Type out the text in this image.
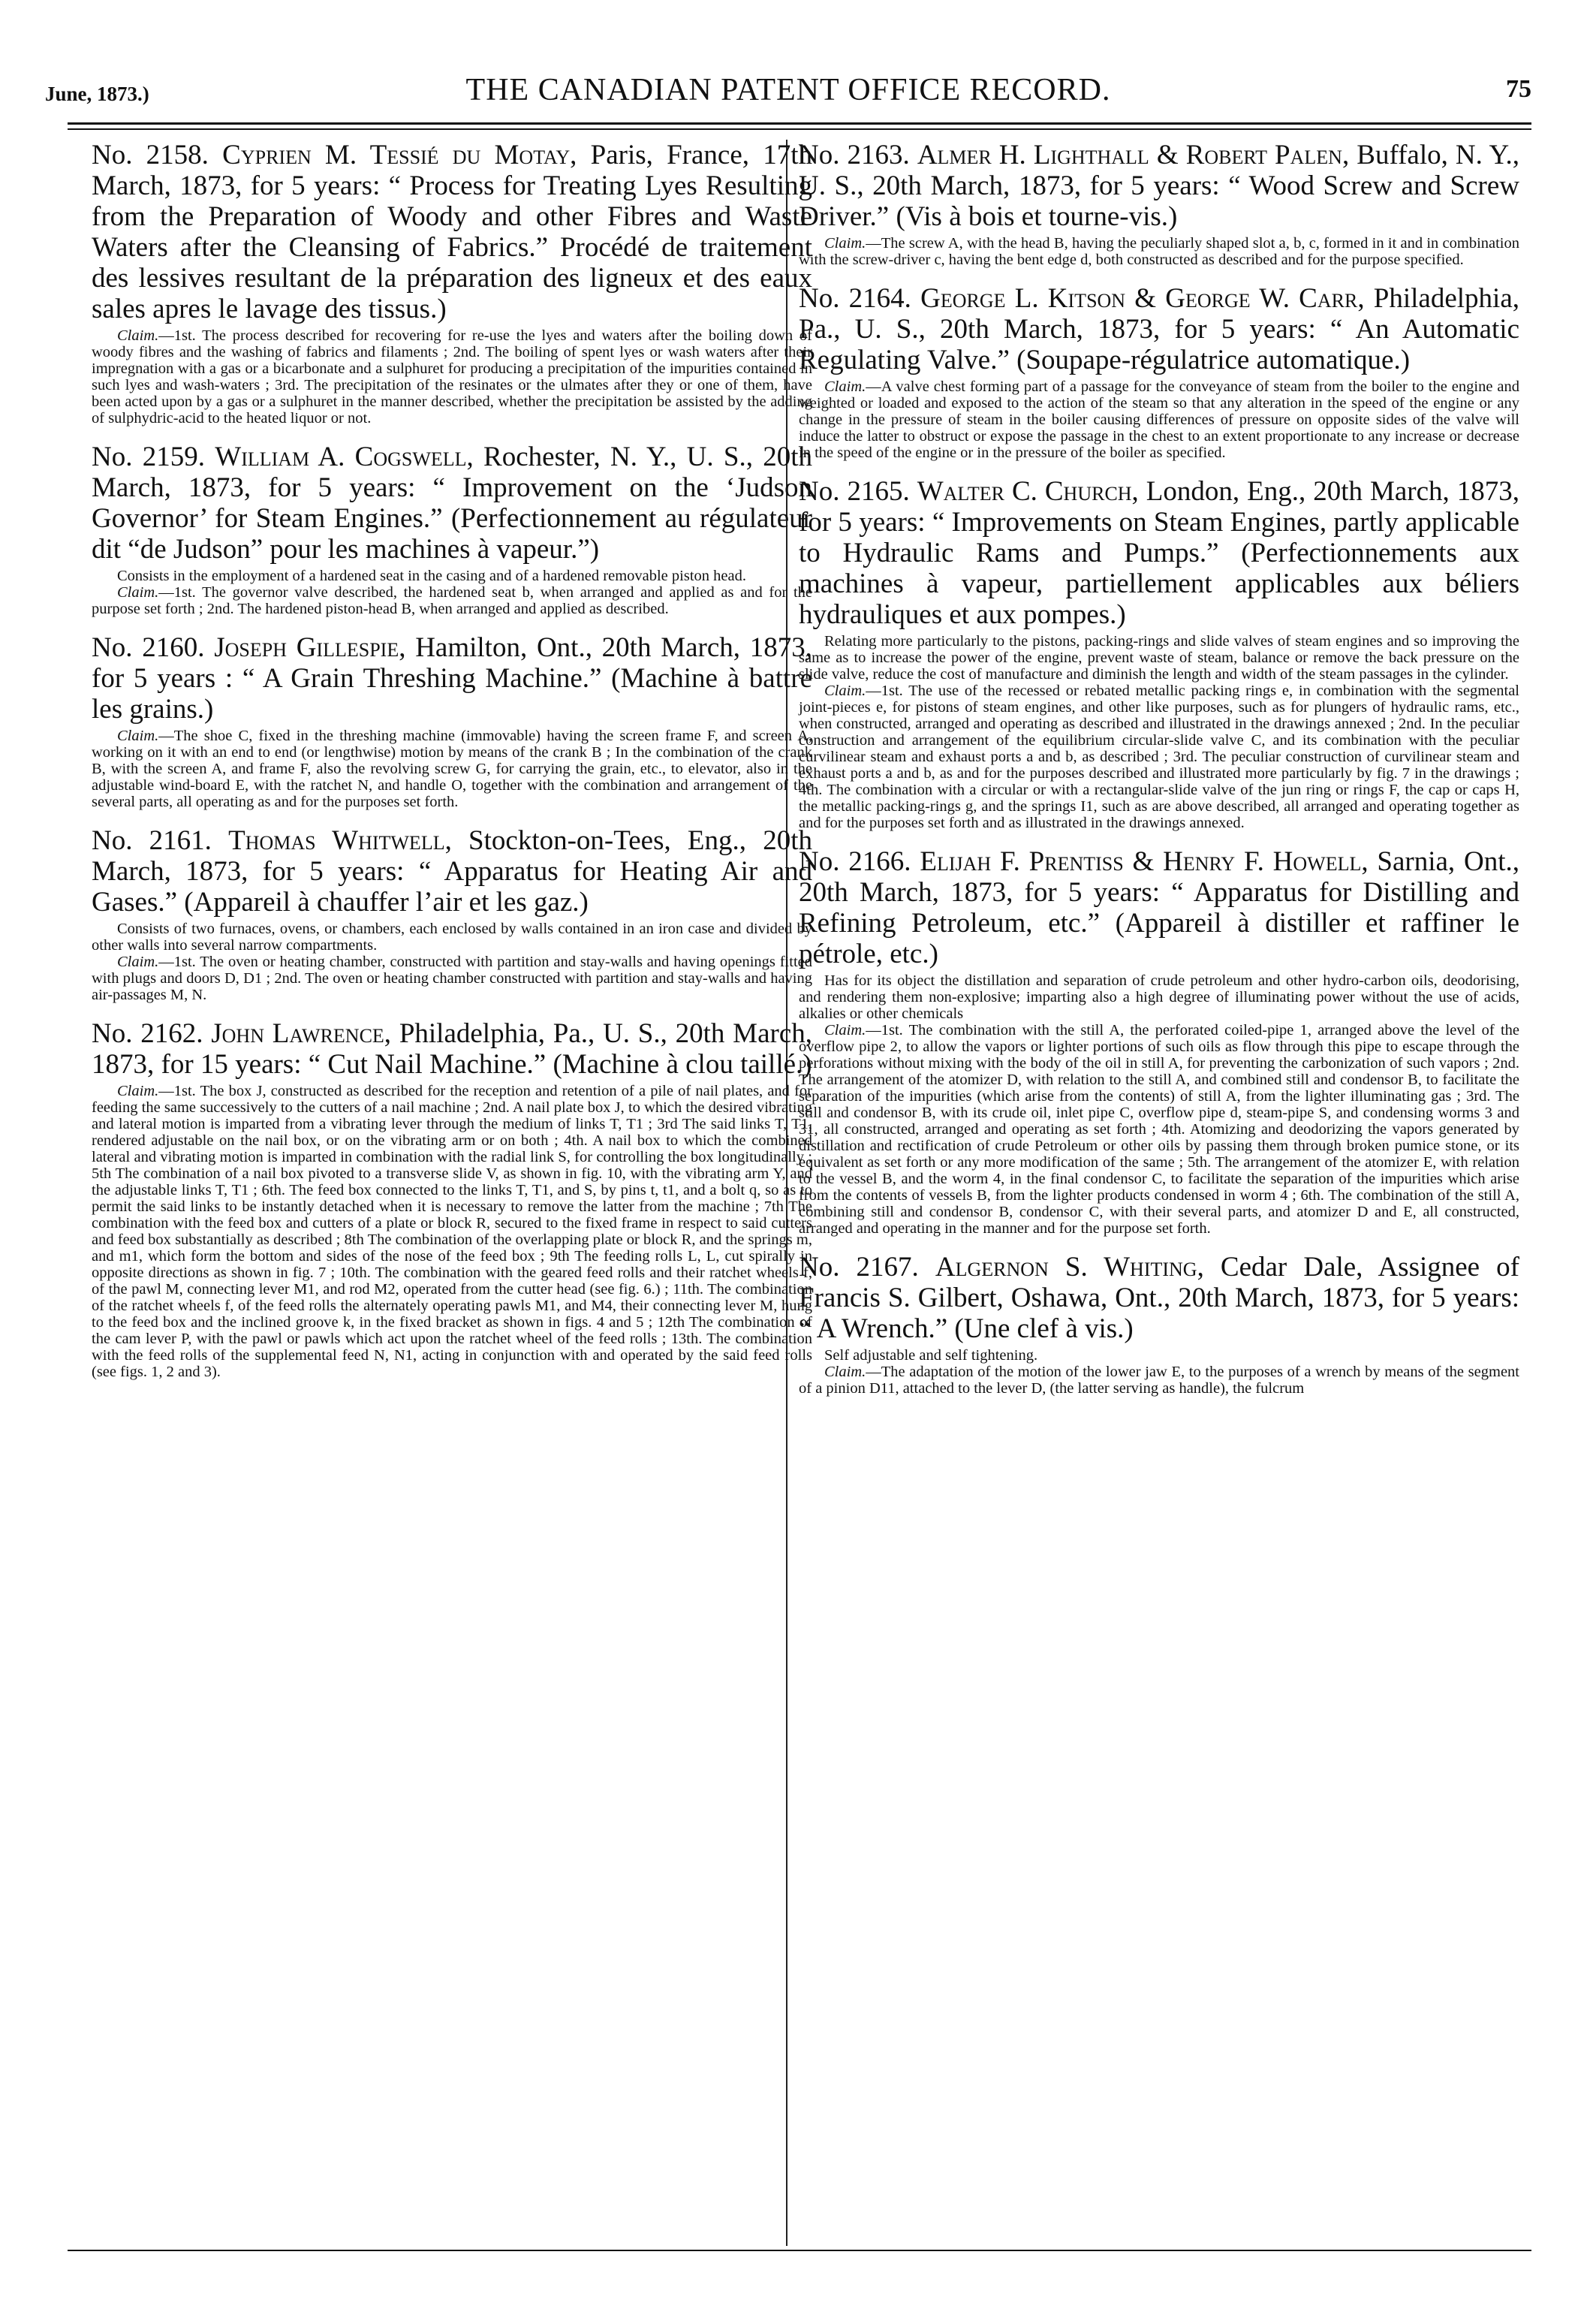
June, 1873.)	THE CANADIAN PATENT OFFICE RECORD.	75

No. 2158. Cyprien M. Tessié du Motay, Paris, France, 17th March, 1873, for 5 years: “ Process for Treating Lyes Resulting from the Preparation of Woody and other Fibres and Waste Waters after the Cleansing of Fabrics.” Procédé de traitement des lessives resultant de la préparation des ligneux et des eaux sales apres le lavage des tissus.)

Claim.—1st. The process described for recovering for re-use the lyes and waters after the boiling down of woody fibres and the washing of fabrics and filaments ; 2nd. The boiling of spent lyes or wash waters after their impregnation with a gas or a bicarbonate and a sulphuret for producing a precipitation of the impurities contained in such lyes and wash-waters ; 3rd. The precipitation of the resinates or the ulmates after they or one of them, have been acted upon by a gas or a sulphuret in the manner described, whether the precipitation be assisted by the adding of sulphydric-acid to the heated liquor or not.

No. 2159. William A. Cogswell, Rochester, N. Y., U. S., 20th March, 1873, for 5 years: “ Improvement on the ‘Judson Governor’ for Steam Engines.” (Perfectionnement au régulateur dit “de Judson” pour les machines à vapeur.”)

Consists in the employment of a hardened seat in the casing and of a hardened removable piston head.
Claim.—1st. The governor valve described, the hardened seat b, when arranged and applied as and for the purpose set forth ; 2nd. The hardened piston-head B, when arranged and applied as described.

No. 2160. Joseph Gillespie, Hamilton, Ont., 20th March, 1873, for 5 years : “ A Grain Threshing Machine.” (Machine à battre les grains.)

Claim.—The shoe C, fixed in the threshing machine (immovable) having the screen frame F, and screen A, working on it with an end to end (or lengthwise) motion by means of the crank B ; In the combination of the crank B, with the screen A, and frame F, also the revolving screw G, for carrying the grain, etc., to elevator, also in the adjustable wind-board E, with the ratchet N, and handle O, together with the combination and arrangement of the several parts, all operating as and for the purposes set forth.

No. 2161. Thomas Whitwell, Stockton-on-Tees, Eng., 20th March, 1873, for 5 years: “ Apparatus for Heating Air and Gases.” (Appareil à chauffer l’air et les gaz.)

Consists of two furnaces, ovens, or chambers, each enclosed by walls contained in an iron case and divided by other walls into several narrow compartments.
Claim.—1st. The oven or heating chamber, constructed with partition and stay-walls and having openings fitted with plugs and doors D, D1 ; 2nd. The oven or heating chamber constructed with partition and stay-walls and having air-passages M, N.

No. 2162. John Lawrence, Philadelphia, Pa., U. S., 20th March, 1873, for 15 years: “ Cut Nail Machine.” (Machine à clou taillé.)

Claim.—1st. The box J, constructed as described for the reception and retention of a pile of nail plates, and for feeding the same successively to the cutters of a nail machine ; 2nd. A nail plate box J, to which the desired vibrating and lateral motion is imparted from a vibrating lever through the medium of links T, T1 ; 3rd The said links T, T1, rendered adjustable on the nail box, or on the vibrating arm or on both ; 4th. A nail box to which the combined lateral and vibrating motion is imparted in combination with the radial link S, for controlling the box longitudinally ; 5th The combination of a nail box pivoted to a transverse slide V, as shown in fig. 10, with the vibrating arm Y, and the adjustable links T, T1 ; 6th. The feed box connected to the links T, T1, and S, by pins t, t1, and a bolt q, so as to permit the said links to be instantly detached when it is necessary to remove the latter from the machine ; 7th The combination with the feed box and cutters of a plate or block R, secured to the fixed frame in respect to said cutters and feed box substantially as described ; 8th The combination of the overlapping plate or block R, and the springs m, and m1, which form the bottom and sides of the nose of the feed box ; 9th The feeding rolls L, L, cut spirally in opposite directions as shown in fig. 7 ; 10th. The combination with the geared feed rolls and their ratchet wheels f, of the pawl M, connecting lever M1, and rod M2, operated from the cutter head (see fig. 6.) ; 11th. The combination of the ratchet wheels f, of the feed rolls the alternately operating pawls M1, and M4, their connecting lever M, hung to the feed box and the inclined groove k, in the fixed bracket as shown in figs. 4 and 5 ; 12th The combination of the cam lever P, with the pawl or pawls which act upon the ratchet wheel of the feed rolls ; 13th. The combination with the feed rolls of the supplemental feed N, N1, acting in conjunction with and operated by the said feed rolls (see figs. 1, 2 and 3).

No. 2163. Almer H. Lighthall & Robert Palen, Buffalo, N. Y., U. S., 20th March, 1873, for 5 years: “ Wood Screw and Screw Driver.” (Vis à bois et tourne-vis.)

Claim.—The screw A, with the head B, having the peculiarly shaped slot a, b, c, formed in it and in combination with the screw-driver c, having the bent edge d, both constructed as described and for the purpose specified.

No. 2164. George L. Kitson & George W. Carr, Philadelphia, Pa., U. S., 20th March, 1873, for 5 years: “ An Automatic Regulating Valve.” (Soupape-régulatrice automatique.)

Claim.—A valve chest forming part of a passage for the conveyance of steam from the boiler to the engine and weighted or loaded and exposed to the action of the steam so that any alteration in the speed of the engine or any change in the pressure of steam in the boiler causing differences of pressure on opposite sides of the valve will induce the latter to obstruct or expose the passage in the chest to an extent proportionate to any increase or decrease in the speed of the engine or in the pressure of the boiler as specified.

No. 2165. Walter C. Church, London, Eng., 20th March, 1873, for 5 years: “ Improvements on Steam Engines, partly applicable to Hydraulic Rams and Pumps.” (Perfectionnements aux machines à vapeur, partiellement applicables aux béliers hydrauliques et aux pompes.)

Relating more particularly to the pistons, packing-rings and slide valves of steam engines and so improving the same as to increase the power of the engine, prevent waste of steam, balance or remove the back pressure on the slide valve, reduce the cost of manufacture and diminish the length and width of the steam passages in the cylinder.
Claim.—1st. The use of the recessed or rebated metallic packing rings e, in combination with the segmental joint-pieces e, for pistons of steam engines, and other like purposes, such as for plungers of hydraulic rams, etc., when constructed, arranged and operating as described and illustrated in the drawings annexed ; 2nd. In the peculiar construction and arrangement of the equilibrium circular-slide valve C, and its combination with the peculiar curvilinear steam and exhaust ports a and b, as described ; 3rd. The peculiar construction of curvilinear steam and exhaust ports a and b, as and for the purposes described and illustrated more particularly by fig. 7 in the drawings ; 4th. The combination with a circular or with a rectangular-slide valve of the jun ring or rings F, the cap or caps H, the metallic packing-rings g, and the springs I1, such as are above described, all arranged and operating together as and for the purposes set forth and as illustrated in the drawings annexed.

No. 2166. Elijah F. Prentiss & Henry F. Howell, Sarnia, Ont., 20th March, 1873, for 5 years: “ Apparatus for Distilling and Refining Petroleum, etc.” (Appareil à distiller et raffiner le pétrole, etc.)

Has for its object the distillation and separation of crude petroleum and other hydro-carbon oils, deodorising, and rendering them non-explosive; imparting also a high degree of illuminating power without the use of acids, alkalies or other chemicals
Claim.—1st. The combination with the still A, the perforated coiled-pipe 1, arranged above the level of the overflow pipe 2, to allow the vapors or lighter portions of such oils as flow through this pipe to escape through the perforations without mixing with the body of the oil in still A, for preventing the carbonization of such vapors ; 2nd. The arrangement of the atomizer D, with relation to the still A, and combined still and condensor B, to facilitate the separation of the impurities (which arise from the contents) of still A, from the lighter illuminating gas ; 3rd. The still and condensor B, with its crude oil, inlet pipe C, overflow pipe d, steam-pipe S, and condensing worms 3 and 31, all constructed, arranged and operating as set forth ; 4th. Atomizing and deodorizing the vapors generated by distillation and rectification of crude Petroleum or other oils by passing them through broken pumice stone, or its equivalent as set forth or any more modification of the same ; 5th. The arrangement of the atomizer E, with relation to the vessel B, and the worm 4, in the final condensor C, to facilitate the separation of the impurities which arise from the contents of vessels B, from the lighter products condensed in worm 4 ; 6th. The combination of the still A, combining still and condensor B, condensor C, with their several parts, and atomizer D and E, all constructed, arranged and operating in the manner and for the purpose set forth.

No. 2167. Algernon S. Whiting, Cedar Dale, Assignee of Francis S. Gilbert, Oshawa, Ont., 20th March, 1873, for 5 years: “ A Wrench.” (Une clef à vis.)

Self adjustable and self tightening.
Claim.—The adaptation of the motion of the lower jaw E, to the purposes of a wrench by means of the segment of a pinion D11, attached to the lever D, (the latter serving as handle), the fulcrum
